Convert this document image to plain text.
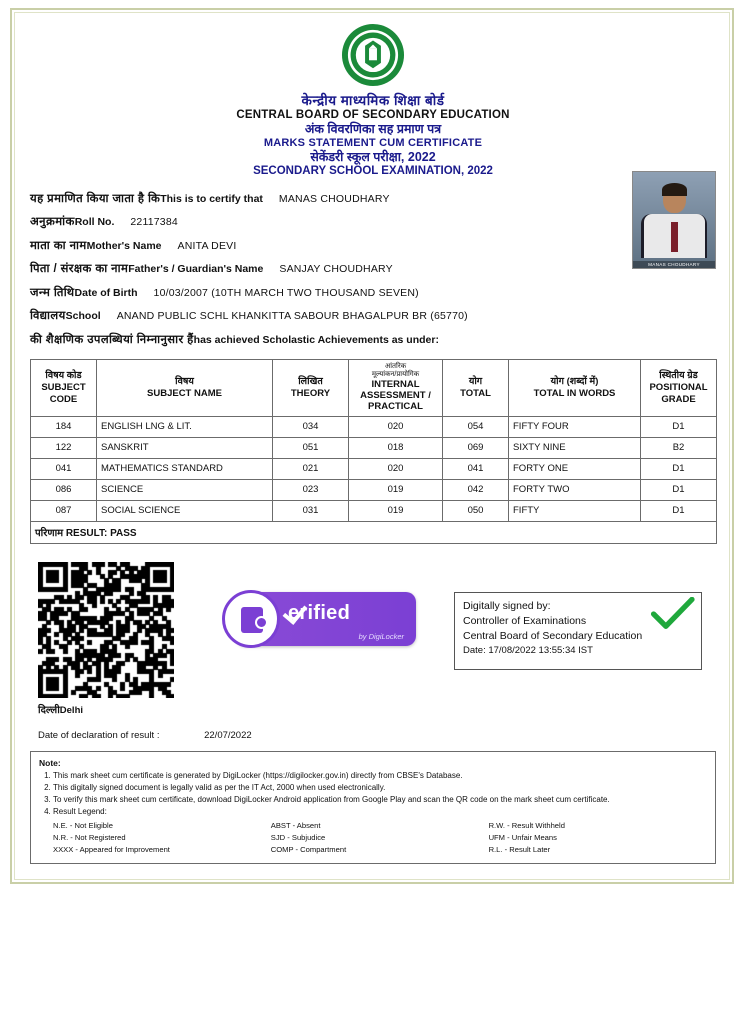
भारत
केन्द्रीय माध्यमिक शिक्षा बोर्ड
CENTRAL BOARD OF SECONDARY EDUCATION
अंक विवरणिका सह प्रमाण पत्र
MARKS STATEMENT CUM CERTIFICATE
सेकेंडरी स्कूल परीक्षा, 2022
SECONDARY SCHOOL EXAMINATION, 2022
MANAS CHOUDHARY
यह प्रमाणित किया जाता है कि This is to certify that MANAS CHOUDHARY
अनुक्रमांक Roll No. 22117384
माता का नाम Mother's Name ANITA DEVI
पिता / संरक्षक का नाम Father's / Guardian's Name SANJAY CHOUDHARY
जन्म तिथि Date of Birth 10/03/2007 (10TH MARCH TWO THOUSAND SEVEN)
विद्यालय School ANAND PUBLIC SCHL KHANKITTA SABOUR BHAGALPUR BR (65770)
की शैक्षणिक उपलब्धियां निम्नानुसार हैं has achieved Scholastic Achievements as under:
विषय कोड
SUBJECT
CODE	विषय
SUBJECT NAME	लिखित
THEORY	आंतरिक
मूल्यांकन/प्रायोगिक
INTERNAL
ASSESSMENT /
PRACTICAL	योग
TOTAL	योग (शब्दों में)
TOTAL IN WORDS	स्थितीय ग्रेड
POSITIONAL
GRADE

184	ENGLISH LNG & LIT.	034	020	054	FIFTY FOUR	D1
122	SANSKRIT	051	018	069	SIXTY NINE	B2
041	MATHEMATICS STANDARD	021	020	041	FORTY ONE	D1
086	SCIENCE	023	019	042	FORTY TWO	D1
087	SOCIAL SCIENCE	031	019	050	FIFTY	D1
परिणाम RESULT: PASS						
erified
by DigiLocker
Digitally signed by:
Controller of Examinations
Central Board of Secondary Education
Date: 17/08/2022 13:55:34 IST
दिल्ली Delhi
Date of declaration of result :	22/07/2022
Note:
1. This mark sheet cum certificate is generated by DigiLocker (https://digilocker.gov.in) directly from CBSE's Database.
2. This digitally signed document is legally valid as per the IT Act, 2000 when used electronically.
3. To verify this mark sheet cum certificate, download DigiLocker Android application from Google Play and scan the QR code on the mark sheet cum certificate.
4. Result Legend:
N.E. - Not Eligible
N.R. - Not Registered
XXXX - Appeared for Improvement
ABST - Absent
SJD - Subjudice
COMP - Compartment
R.W. - Result Withheld
UFM - Unfair Means
R.L. - Result Later
